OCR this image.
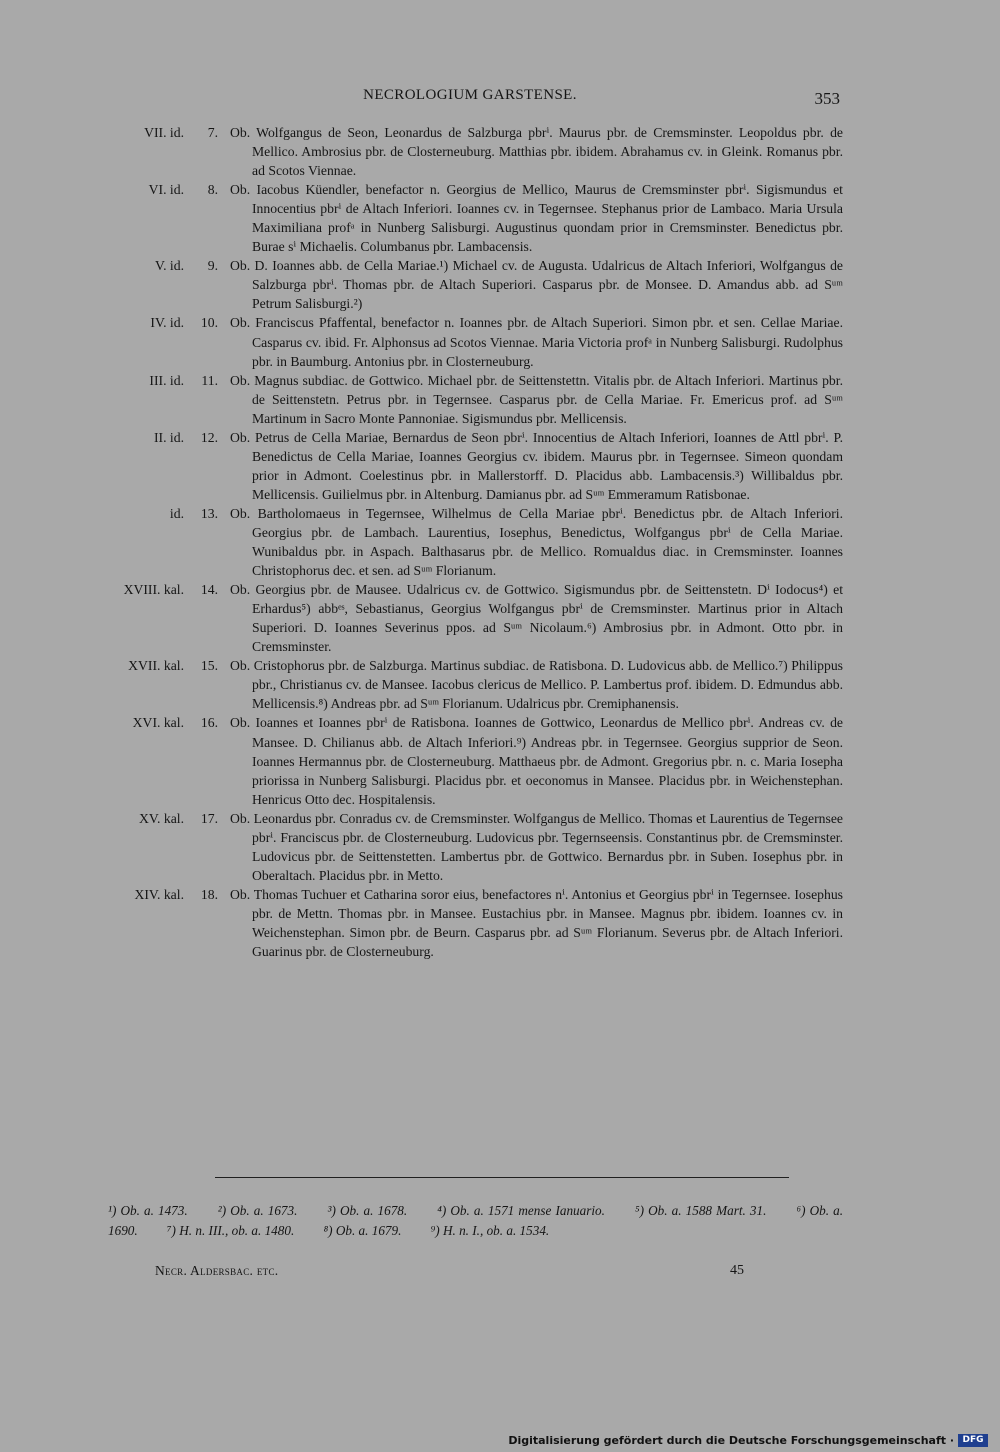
NECROLOGIUM GARSTENSE.	353
VII. id.	7. Ob. Wolfgangus de Seon, Leonardus de Salzburga pbrⁱ. Maurus pbr. de Cremsminster. Leopoldus pbr. de Mellico. Ambrosius pbr. de Closterneuburg. Matthias pbr. ibidem. Abrahamus cv. in Gleink. Romanus pbr. ad Scotos Viennae.
VI. id.	8. Ob. Iacobus Küendler, benefactor n. Georgius de Mellico, Maurus de Cremsminster pbrⁱ. Sigismundus et Innocentius pbrⁱ de Altach Inferiori. Ioannes cv. in Tegernsee. Stephanus prior de Lambaco. Maria Ursula Maximiliana profᵃ in Nunberg Salisburgi. Augustinus quondam prior in Cremsminster. Benedictus pbr. Burae sⁱ Michaelis. Columbanus pbr. Lambacensis.
V. id.	9. Ob. D. Ioannes abb. de Cella Mariae.¹) Michael cv. de Augusta. Udalricus de Altach Inferiori, Wolfgangus de Salzburga pbrⁱ. Thomas pbr. de Altach Superiori. Casparus pbr. de Monsee. D. Amandus abb. ad Sᵘᵐ Petrum Salisburgi.²)
IV. id.	10. Ob. Franciscus Pfaffental, benefactor n. Ioannes pbr. de Altach Superiori. Simon pbr. et sen. Cellae Mariae. Casparus cv. ibid. Fr. Alphonsus ad Scotos Viennae. Maria Victoria profᵃ in Nunberg Salisburgi. Rudolphus pbr. in Baumburg. Antonius pbr. in Closterneuburg.
III. id.	11. Ob. Magnus subdiac. de Gottwico. Michael pbr. de Seittenstettn. Vitalis pbr. de Altach Inferiori. Martinus pbr. de Seittenstetn. Petrus pbr. in Tegernsee. Casparus pbr. de Cella Mariae. Fr. Emericus prof. ad Sᵘᵐ Martinum in Sacro Monte Pannoniae. Sigismundus pbr. Mellicensis.
II. id.	12. Ob. Petrus de Cella Mariae, Bernardus de Seon pbrⁱ. Innocentius de Altach Inferiori, Ioannes de Attl pbrⁱ. P. Benedictus de Cella Mariae, Ioannes Georgius cv. ibidem. Maurus pbr. in Tegernsee. Simeon quondam prior in Admont. Coelestinus pbr. in Mallerstorff. D. Placidus abb. Lambacensis.³) Willibaldus pbr. Mellicensis. Guilielmus pbr. in Altenburg. Damianus pbr. ad Sᵘᵐ Emmeramum Ratisbonae.
id.	13. Ob. Bartholomaeus in Tegernsee, Wilhelmus de Cella Mariae pbrⁱ. Benedictus pbr. de Altach Inferiori. Georgius pbr. de Lambach. Laurentius, Iosephus, Benedictus, Wolfgangus pbrⁱ de Cella Mariae. Wunibaldus pbr. in Aspach. Balthasarus pbr. de Mellico. Romualdus diac. in Cremsminster. Ioannes Christophorus dec. et sen. ad Sᵘᵐ Florianum.
XVIII. kal.	14. Ob. Georgius pbr. de Mausee. Udalricus cv. de Gottwico. Sigismundus pbr. de Seittenstetn. Dⁱ Iodocus⁴) et Erhardus⁵) abbᵉˢ, Sebastianus, Georgius Wolfgangus pbrⁱ de Cremsminster. Martinus prior in Altach Superiori. D. Ioannes Severinus ppos. ad Sᵘᵐ Nicolaum.⁶) Ambrosius pbr. in Admont. Otto pbr. in Cremsminster.
XVII. kal.	15. Ob. Cristophorus pbr. de Salzburga. Martinus subdiac. de Ratisbona. D. Ludovicus abb. de Mellico.⁷) Philippus pbr., Christianus cv. de Mansee. Iacobus clericus de Mellico. P. Lambertus prof. ibidem. D. Edmundus abb. Mellicensis.⁸) Andreas pbr. ad Sᵘᵐ Florianum. Udalricus pbr. Cremiphanensis.
XVI. kal.	16. Ob. Ioannes et Ioannes pbrⁱ de Ratisbona. Ioannes de Gottwico, Leonardus de Mellico pbrⁱ. Andreas cv. de Mansee. D. Chilianus abb. de Altach Inferiori.⁹) Andreas pbr. in Tegernsee. Georgius supprior de Seon. Ioannes Hermannus pbr. de Closterneuburg. Matthaeus pbr. de Admont. Gregorius pbr. n. c. Maria Iosepha priorissa in Nunberg Salisburgi. Placidus pbr. et oeconomus in Mansee. Placidus pbr. in Weichenstephan. Henricus Otto dec. Hospitalensis.
XV. kal.	17. Ob. Leonardus pbr. Conradus cv. de Cremsminster. Wolfgangus de Mellico. Thomas et Laurentius de Tegernsee pbrⁱ. Franciscus pbr. de Closterneuburg. Ludovicus pbr. Tegernseensis. Constantinus pbr. de Cremsminster. Ludovicus pbr. de Seittenstetten. Lambertus pbr. de Gottwico. Bernardus pbr. in Suben. Iosephus pbr. in Oberaltach. Placidus pbr. in Metto.
XIV. kal.	18. Ob. Thomas Tuchuer et Catharina soror eius, benefactores nⁱ. Antonius et Georgius pbrⁱ in Tegernsee. Iosephus pbr. de Mettn. Thomas pbr. in Mansee. Eustachius pbr. in Mansee. Magnus pbr. ibidem. Ioannes cv. in Weichenstephan. Simon pbr. de Beurn. Casparus pbr. ad Sᵘᵐ Florianum. Severus pbr. de Altach Inferiori. Guarinus pbr. de Closterneuburg.
¹) Ob. a. 1473. ²) Ob. a. 1673. ³) Ob. a. 1678. ⁴) Ob. a. 1571 mense Ianuario. ⁵) Ob. a. 1588 Mart. 31. ⁶) Ob. a. 1690. ⁷) H. n. III., ob. a. 1480. ⁸) Ob. a. 1679. ⁹) H. n. I., ob. a. 1534.
Necr. Aldersbac. etc.	45
Digitalisierung gefördert durch die Deutsche Forschungsgemeinschaft · DFG
